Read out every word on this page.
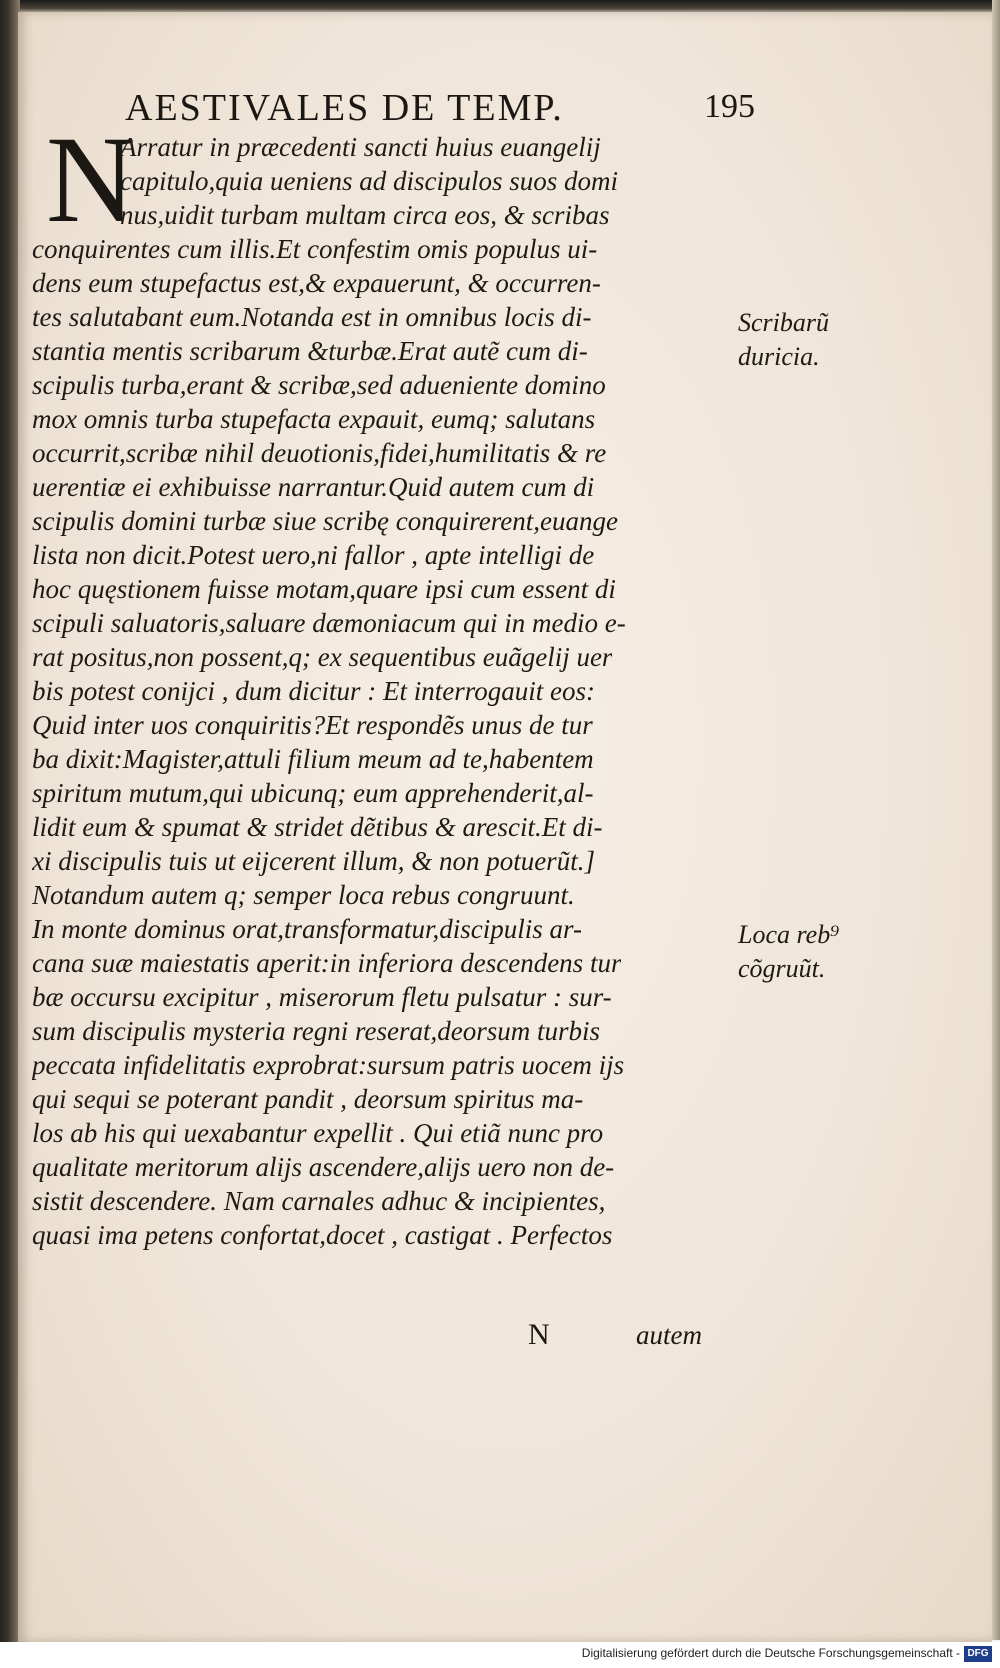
AESTIVALES DE TEMP.	195
N
Arratur in præcedenti sancti huius euangelij
capitulo,quia ueniens ad discipulos suos domi
nus,uidit turbam multam circa eos, & scribas
conquirentes cum illis.Et confestim omis populus ui-
dens eum stupefactus est,& expauerunt, & occurren-
tes salutabant eum.Notanda est in omnibus locis di-
stantia mentis scribarum &turbæ.Erat autẽ cum di-
scipulis turba,erant & scribæ,sed adueniente domino
mox omnis turba stupefacta expauit, eumq; salutans
occurrit,scribæ nihil deuotionis,fidei,humilitatis & re
uerentiæ ei exhibuisse narrantur.Quid autem cum di
scipulis domini turbæ siue scribę conquirerent,euange
lista non dicit.Potest uero,ni fallor , apte intelligi de
hoc quęstionem fuisse motam,quare ipsi cum essent di
scipuli saluatoris,saluare dæmoniacum qui in medio e-
rat positus,non possent,q; ex sequentibus euãgelij uer
bis potest conijci , dum dicitur : Et interrogauit eos:
Quid inter uos conquiritis?Et respondẽs unus de tur
ba dixit:Magister,attuli filium meum ad te,habentem
spiritum mutum,qui ubicunq; eum apprehenderit,al-
lidit eum & spumat & stridet dẽtibus & arescit.Et di-
xi discipulis tuis ut eijcerent illum, & non potuerũt.]
Notandum autem q; semper loca rebus congruunt.
In monte dominus orat,transformatur,discipulis ar-
cana suæ maiestatis aperit:in inferiora descendens tur
bæ occursu excipitur , miserorum fletu pulsatur : sur-
sum discipulis mysteria regni reserat,deorsum turbis
peccata infidelitatis exprobrat:sursum patris uocem ijs
qui sequi se poterant pandit , deorsum spiritus ma-
los ab his qui uexabantur expellit . Qui etiã nunc pro
qualitate meritorum alijs ascendere,alijs uero non de-
sistit descendere. Nam carnales adhuc & incipientes,
quasi ima petens confortat,docet , castigat . Perfectos
Scribarũ
duricia.
Loca reb⁹
cõgruũt.
N	autem
Digitalisierung gefördert durch die Deutsche Forschungsgemeinschaft - DFG
